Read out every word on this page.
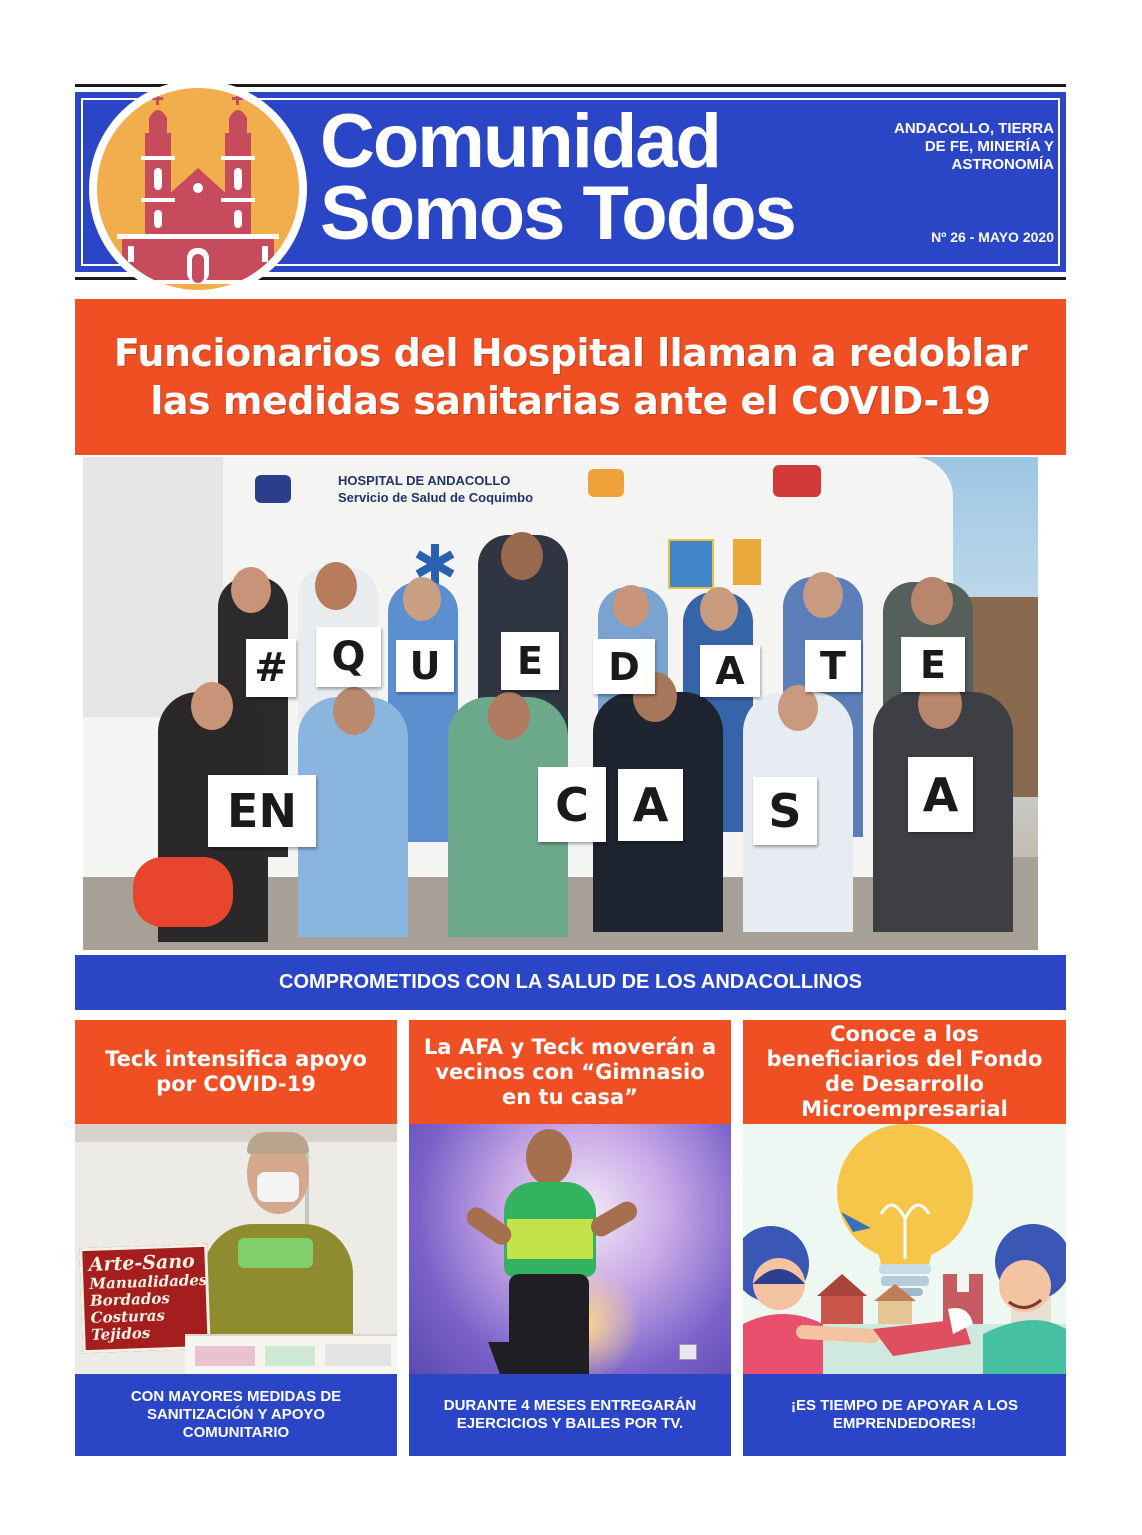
Comunidad
Somos Todos
ANDACOLLO, TIERRA DE FE, MINERÍA Y ASTRONOMÍA
Nº 26 - MAYO 2020
Funcionarios del Hospital llaman a redoblar
las medidas sanitarias ante el COVID-19
HOSPITAL DE ANDACOLLO
Servicio de Salud de Coquimbo
#	Q	U	E	D	A	T	E
EN	C A	S	A
COMPROMETIDOS CON LA SALUD DE LOS ANDACOLLINOS
Teck intensifica apoyo por COVID-19
Arte-Sano
Manualidades
Bordados
Costuras
Tejidos
CON MAYORES MEDIDAS DE SANITIZACIÓN Y APOYO COMUNITARIO
La AFA y Teck moverán a vecinos con “Gimnasio en tu casa”
DURANTE 4 MESES ENTREGARÁN EJERCICIOS Y BAILES POR TV.
Conoce a los beneficiarios del Fondo de Desarrollo Microempresarial
¡ES TIEMPO DE APOYAR A LOS EMPRENDEDORES!
